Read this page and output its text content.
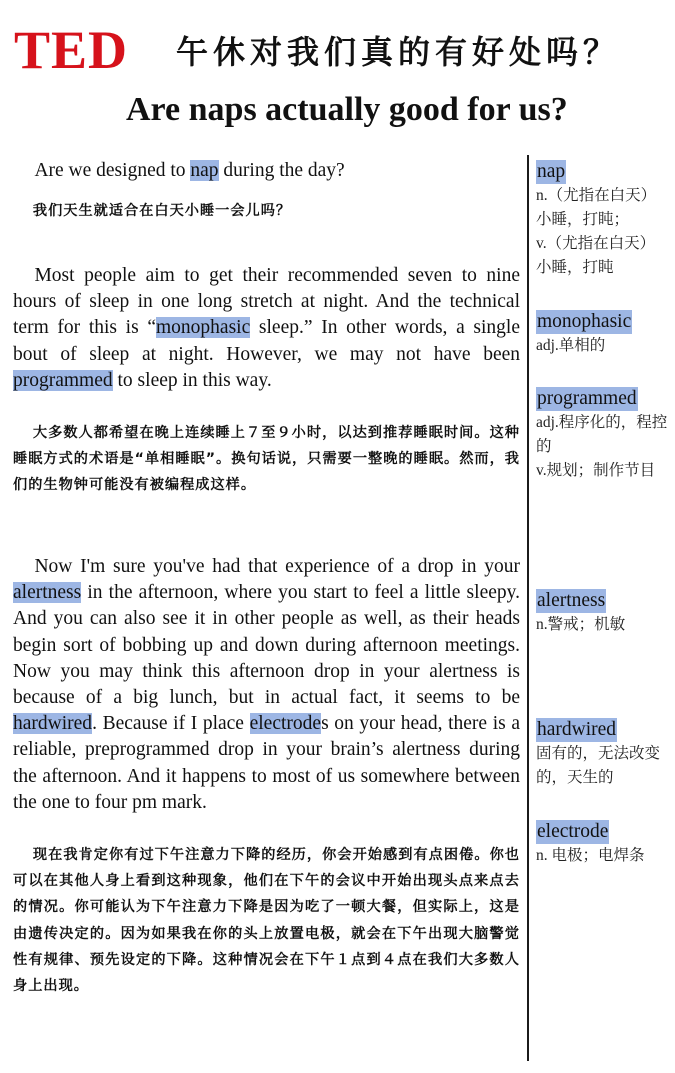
TED 午休对我们真的有好处吗？
Are naps actually good for us?

Are we designed to nap during the day?

我们天生就适合在白天小睡一会儿吗？

Most people aim to get their recommended seven to nine hours of sleep in one long stretch at night. And the technical term for this is “monophasic sleep.” In other words, a single bout of sleep at night. However, we may not have been programmed to sleep in this way.

大多数人都希望在晚上连续睡上７至９小时，以达到推荐睡眠时间。这种睡眠方式的术语是“单相睡眠”。换句话说，只需要一整晚的睡眠。然而，我们的生物钟可能没有被编程成这样。

Now I'm sure you've had that experience of a drop in your alertness in the afternoon, where you start to feel a little sleepy. And you can also see it in other people as well, as their heads begin sort of bobbing up and down during afternoon meetings. Now you may think this afternoon drop in your alertness is because of a big lunch, but in actual fact, it seems to be hardwired. Because if I place electrodes on your head, there is a reliable, preprogrammed drop in your brain’s alertness during the afternoon. And it happens to most of us somewhere between the one to four pm mark.

现在我肯定你有过下午注意力下降的经历，你会开始感到有点困倦。你也可以在其他人身上看到这种现象，他们在下午的会议中开始出现头点来点去的情况。你可能认为下午注意力下降是因为吃了一顿大餐，但实际上，这是由遗传决定的。因为如果我在你的头上放置电极，就会在下午出现大脑警觉性有规律、预先设定的下降。这种情况会在下午１点到４点在我们大多数人身上出现。

nap
n.（尤指在白天）小睡，打盹；
v.（尤指在白天）小睡，打盹
monophasic
adj.单相的
programmed
adj.程序化的，程控的
v.规划；制作节目
alertness
n.警戒；机敏
hardwired
固有的，无法改变的，天生的
electrode
n. 电极；电焊条
